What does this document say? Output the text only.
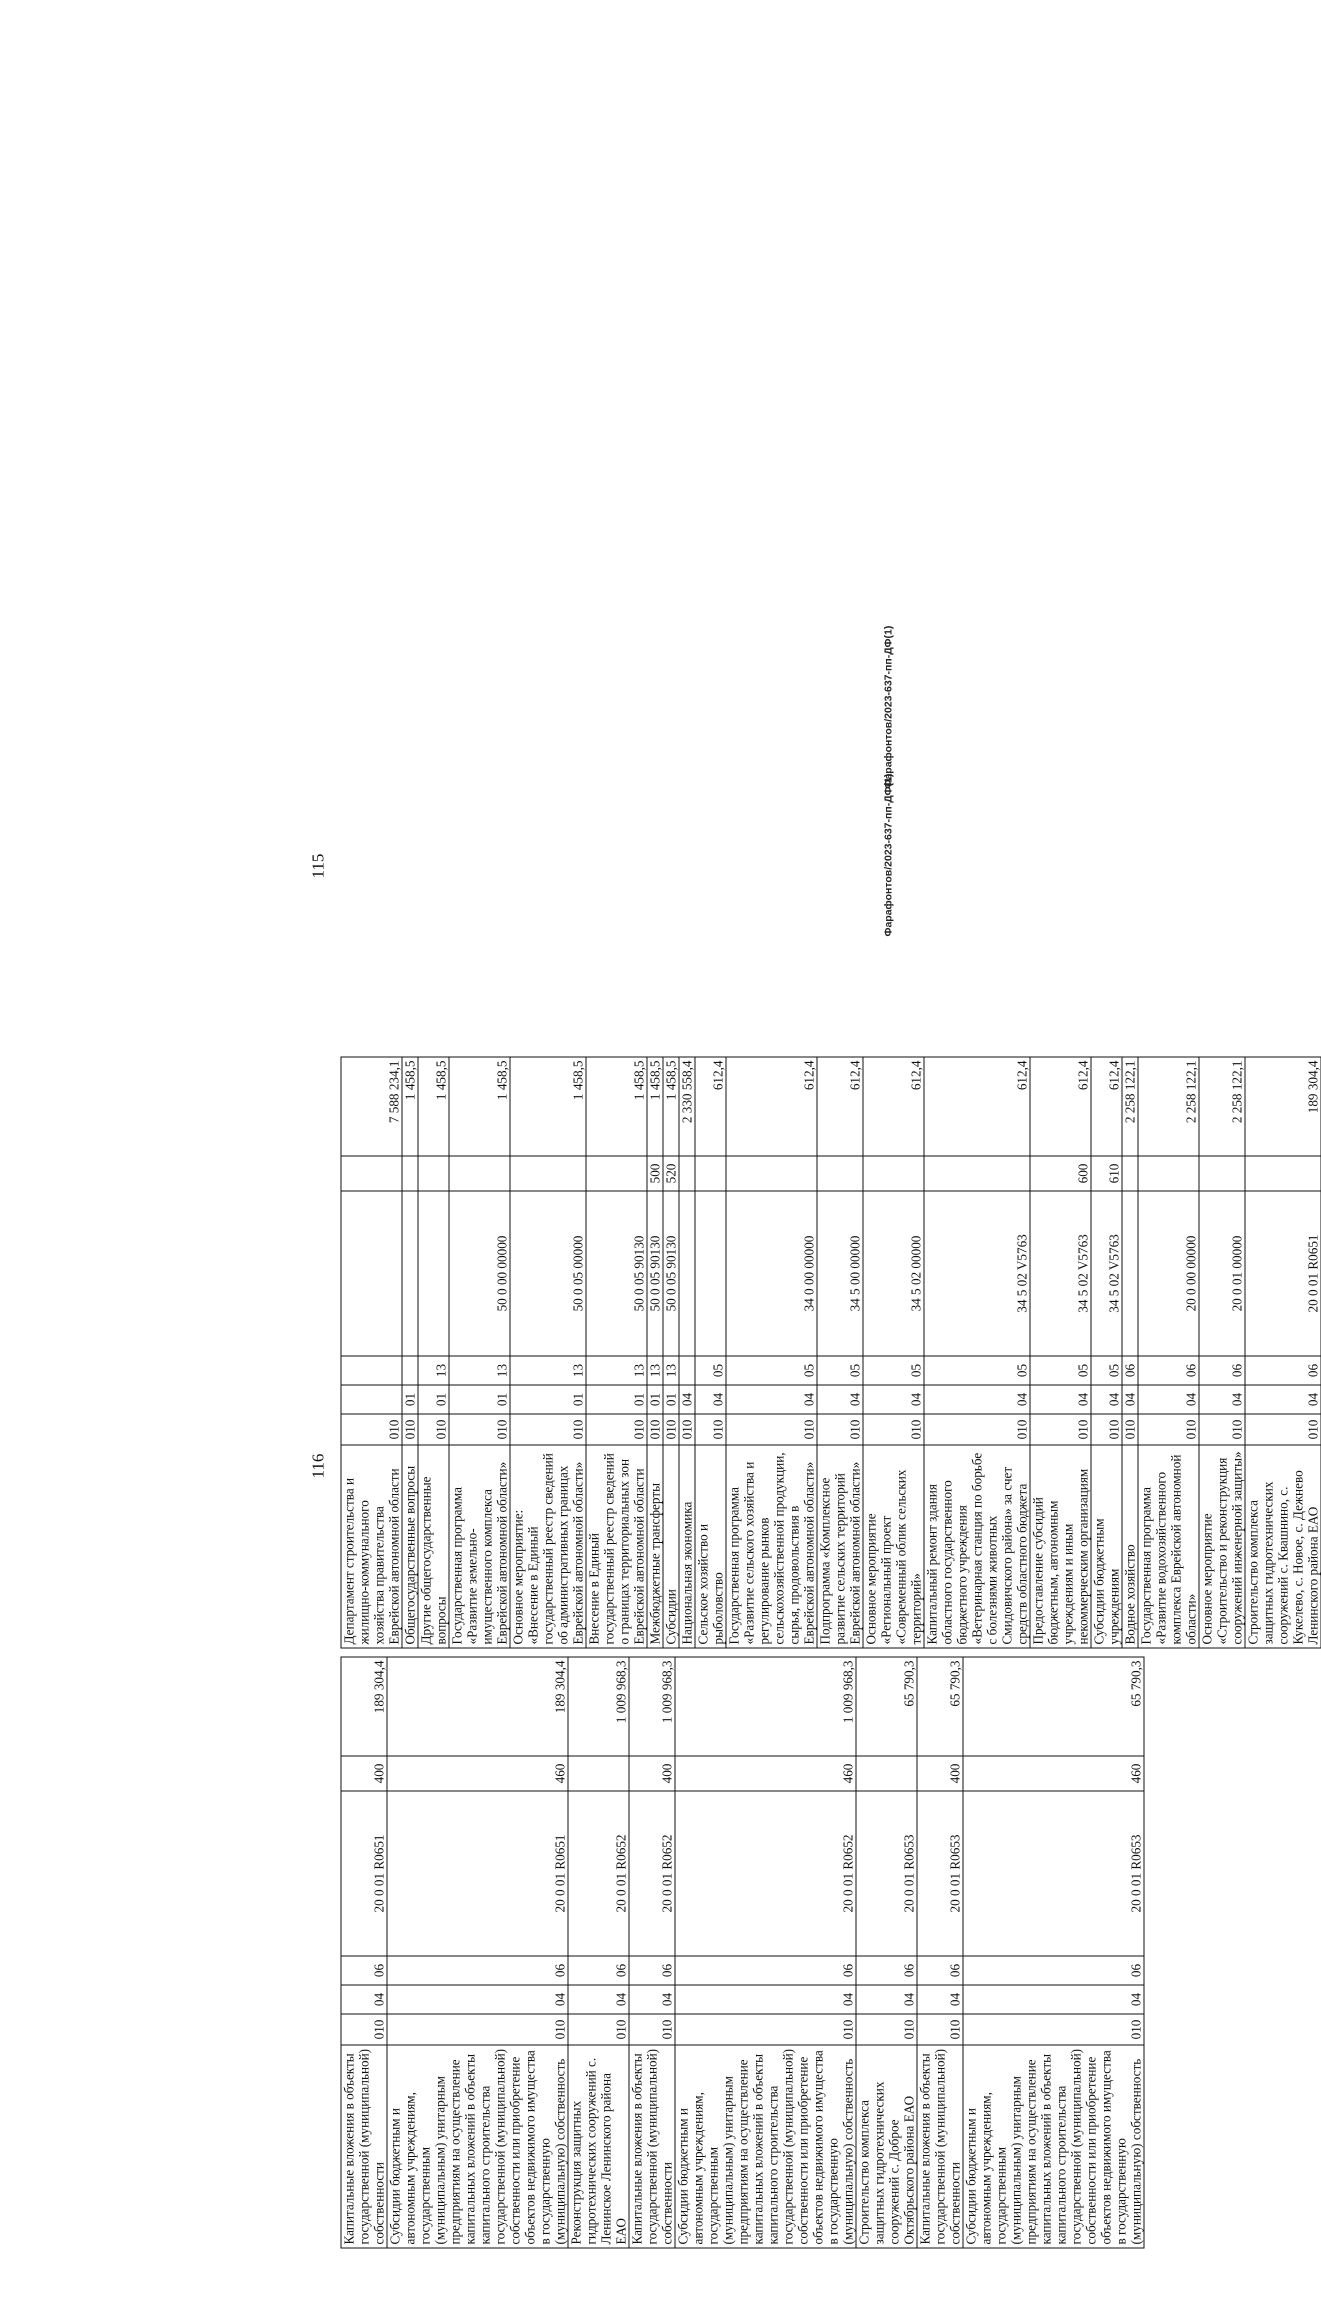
115
Департамент строительства и жилищно-коммунального хозяйства правительства Еврейской автономной области	010					7 588 234,1
Общегосударственные вопросы	010	01				1 458,5
Другие общегосударственные вопросы	010	01	13			1 458,5
Государственная программа «Развитие земельно-имущественного комплекса Еврейской автономной области»	010	01	13	50 0 00 00000		1 458,5
Основное мероприятие: «Внесение в Единый государственный реестр сведений об административных границах Еврейской автономной области»	010	01	13	50 0 05 00000		1 458,5
Внесение в Единый государственный реестр сведений о границах территориальных зон Еврейской автономной области	010	01	13	50 0 05 90130		1 458,5
Межбюджетные трансферты	010	01	13	50 0 05 90130	500	1 458,5
Субсидии	010	01	13	50 0 05 90130	520	1 458,5
Национальная экономика	010	04				2 330 558,4
Сельское хозяйство и рыболовство	010	04	05			612,4
Государственная программа «Развитие сельского хозяйства и регулирование рынков сельскохозяйственной продукции, сырья, продовольствия в Еврейской автономной области»	010	04	05	34 0 00 00000		612,4
Подпрограмма «Комплексное развитие сельских территорий Еврейской автономной области»	010	04	05	34 5 00 00000		612,4
Основное мероприятие «Региональный проект «Современный облик сельских территорий»	010	04	05	34 5 02 00000		612,4
Капитальный ремонт здания областного государственного бюджетного учреждения «Ветеринарная станция по борьбе с болезнями животных Смидовичского района» за счет средств областного бюджета	010	04	05	34 5 02 V5763		612,4
Предоставление субсидий бюджетным, автономным учреждениям и иным некоммерческим организациям	010	04	05	34 5 02 V5763	600	612,4
Субсидии бюджетным учреждениям	010	04	05	34 5 02 V5763	610	612,4
Водное хозяйство	010	04	06			2 258 122,1
Государственная программа «Развитие водохозяйственного комплекса Еврейской автономной области»	010	04	06	20 0 00 00000		2 258 122,1
Основное мероприятие «Строительство и реконструкция сооружений инженерной защиты»	010	04	06	20 0 01 00000		2 258 122,1
Строительство комплекса защитных гидротехнических сооружений с. Квашнино, с. Кукелево, с. Новое, с. Дежнево Ленинского района ЕАО	010	04	06	20 0 01 R0651		189 304,4
Фарафонтов/2023-637-пп-ДФ(1)
116
Капитальные вложения в объекты государственной (муниципальной) собственности	010	04	06	20 0 01 R0651	400	189 304,4
Субсидии бюджетным и автономным учреждениям, государственным (муниципальным) унитарным предприятиям на осуществление капитальных вложений в объекты капитального строительства государственной (муниципальной) собственности или приобретение объектов недвижимого имущества в государственную (муниципальную) собственность	010	04	06	20 0 01 R0651	460	189 304,4
Реконструкция защитных гидротехнических сооружений с. Ленинское Ленинского района ЕАО	010	04	06	20 0 01 R0652		1 009 968,3
Капитальные вложения в объекты государственной (муниципальной) собственности	010	04	06	20 0 01 R0652	400	1 009 968,3
Субсидии бюджетным и автономным учреждениям, государственным (муниципальным) унитарным предприятиям на осуществление капитальных вложений в объекты капитального строительства государственной (муниципальной) собственности или приобретение объектов недвижимого имущества в государственную (муниципальную) собственность	010	04	06	20 0 01 R0652	460	1 009 968,3
Строительство комплекса защитных гидротехнических сооружений с. Доброе Октябрьского района ЕАО	010	04	06	20 0 01 R0653		65 790,3
Капитальные вложения в объекты государственной (муниципальной) собственности	010	04	06	20 0 01 R0653	400	65 790,3
Субсидии бюджетным и автономным учреждениям, государственным (муниципальным) унитарным предприятиям на осуществление капитальных вложений в объекты капитального строительства государственной (муниципальной) собственности или приобретение объектов недвижимого имущества в государственную (муниципальную) собственность	010	04	06	20 0 01 R0653	460	65 790,3
Фарафонтов/2023-637-пп-ДФ(1)
